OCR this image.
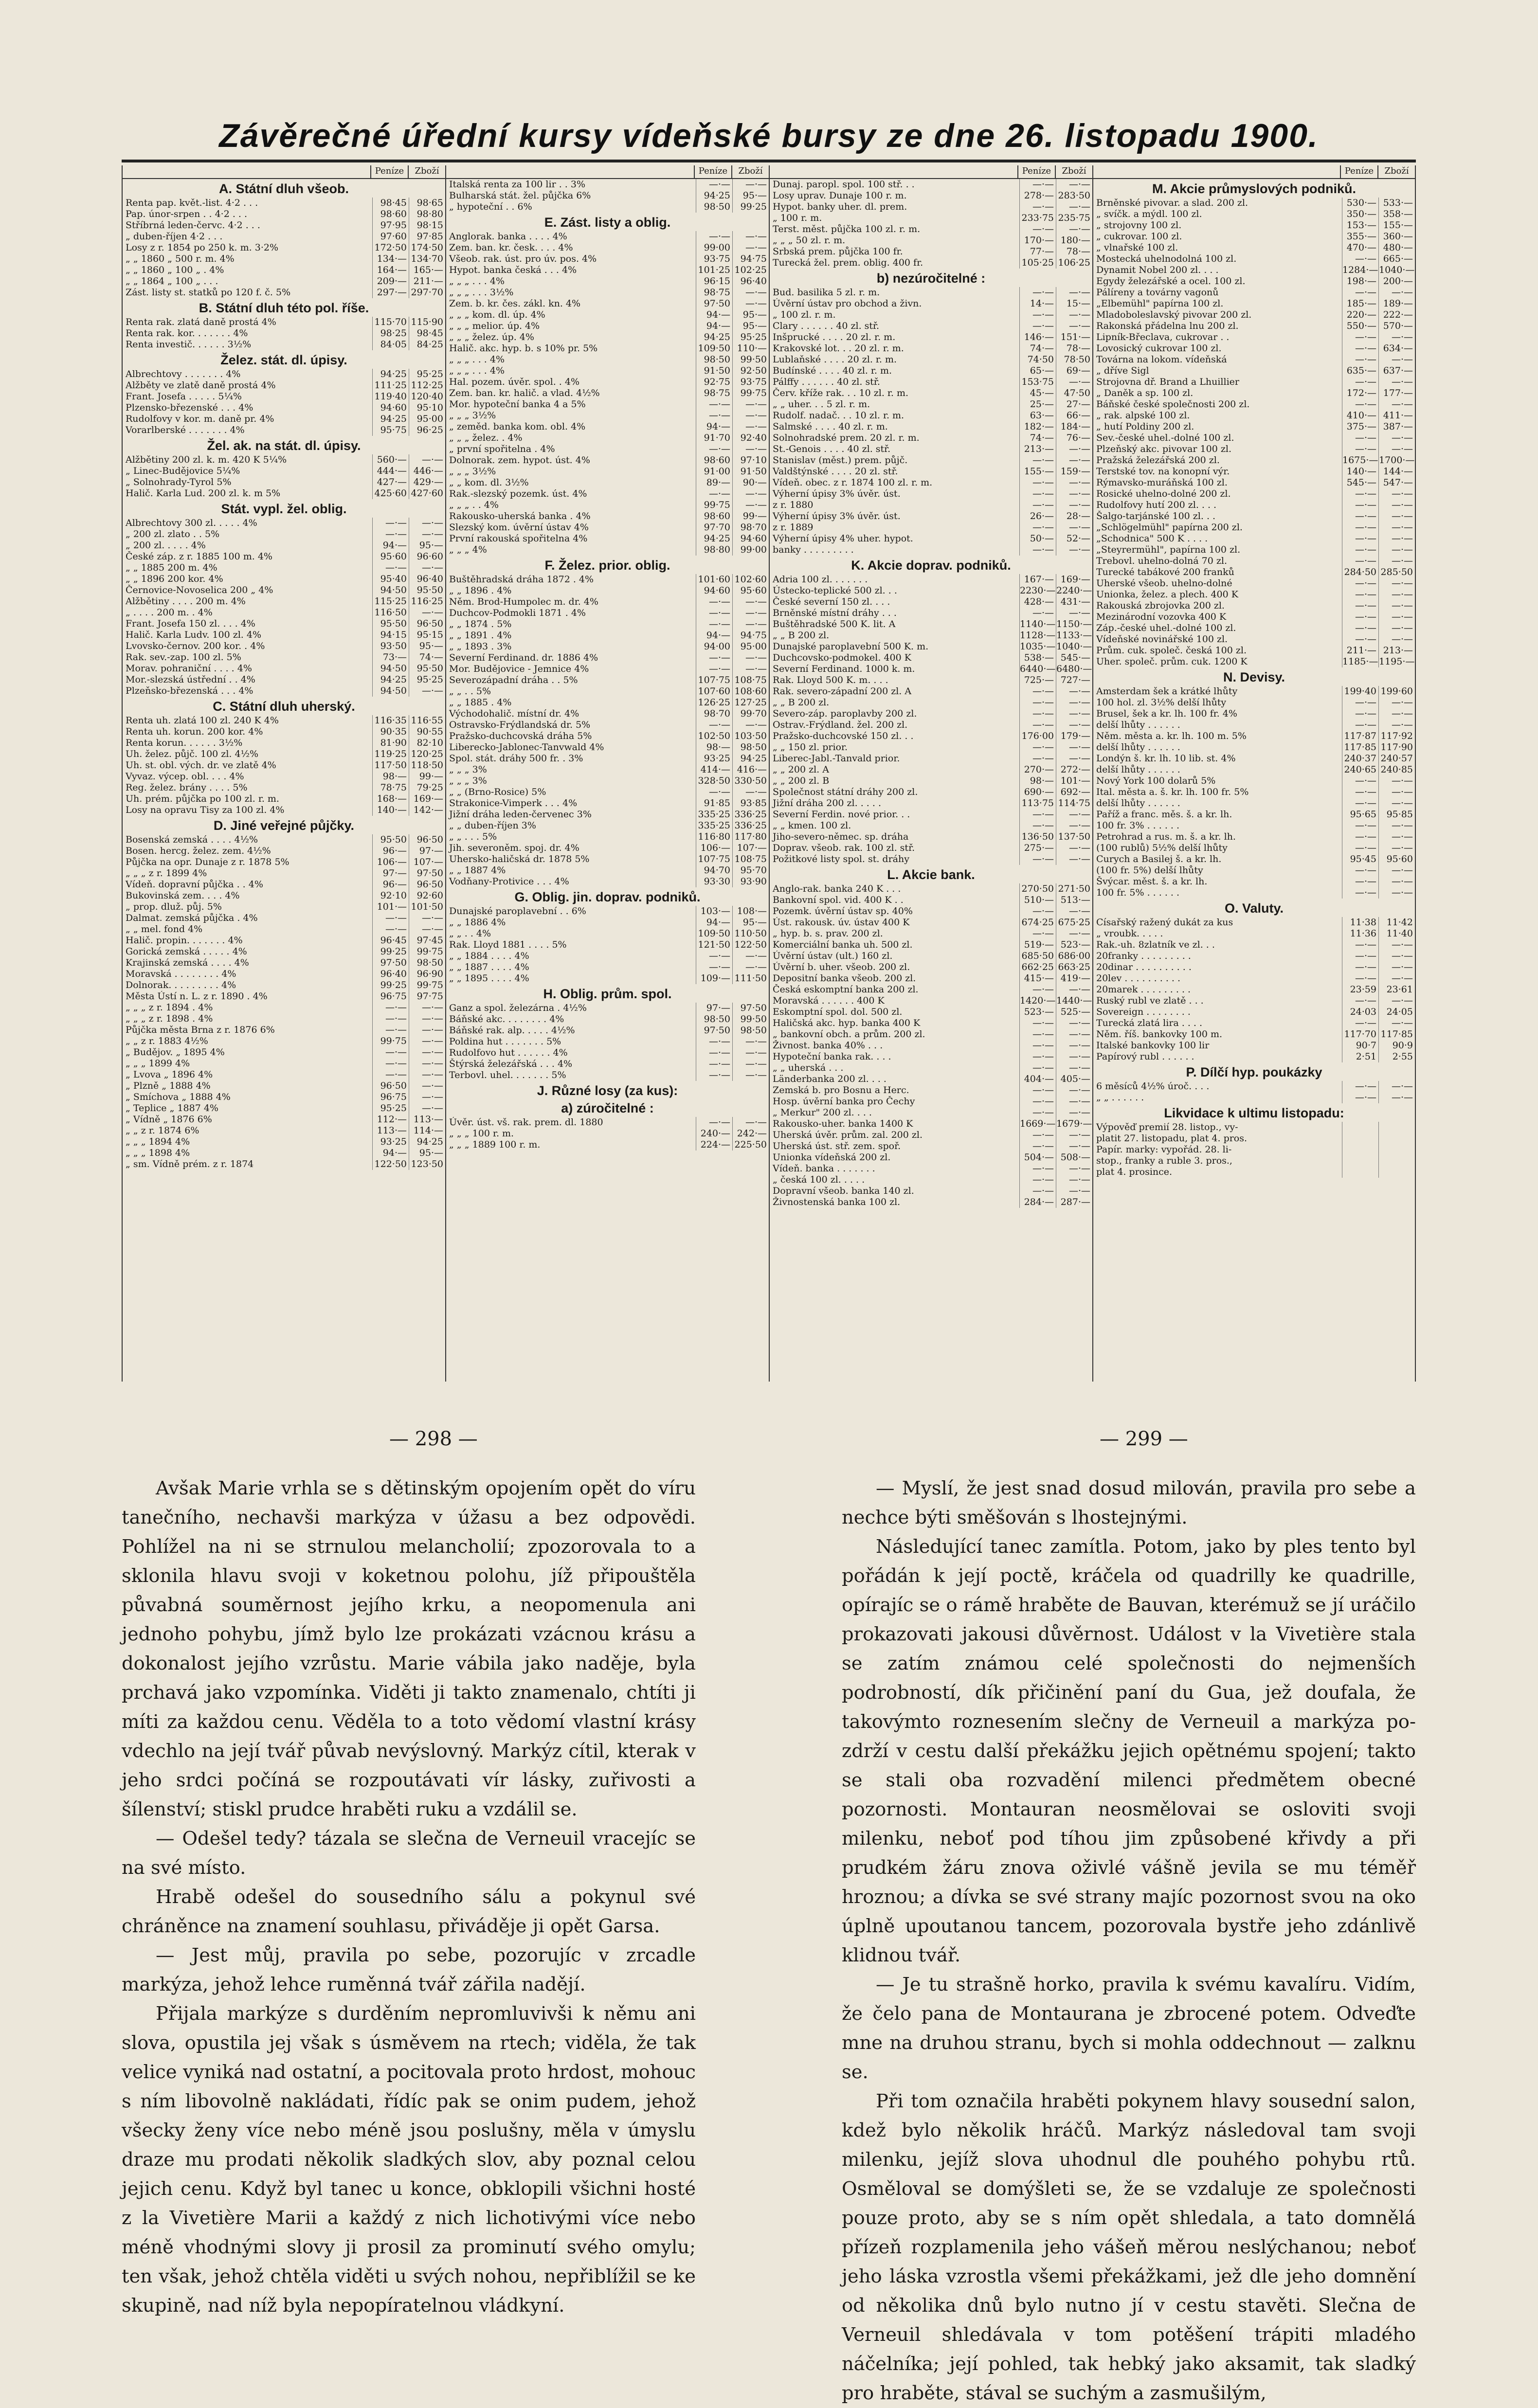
Závěrečné úřední kursy vídeňské bursy ze dne 26. listopadu 1900.
Peníze	Zboží
A. Státní dluh všeob.
Renta pap. květ.-list. 4·2 . . .	98·45	98·65
Pap. únor-srpen . . 4·2 . . .	98·60	98·80
Stříbrná leden-červc. 4·2 . . .	97·95	98·15
„ duben-říjen 4·2 . . .	97·60	97·85
Losy z r. 1854 po 250 k. m. 3·2%	172·50 174·50
„ „ 1860 „ 500 r. m. 4%	134·— 134·70
„ „ 1860 „ 100 „ . 4%	164·— 165·—
„ „ 1864 „ 100 „ . . .	209·— 211·—
Zást. listy st. statků po 120 f. č. 5%	297·— 297·70
B. Státní dluh této pol. říše.
Renta rak. zlatá daně prostá 4%	115·70 115·90
Renta rak. kor. . . . . . . 4%	98·25	98·45
Renta investič. . . . . . 3½%	84·05	84·25
Želez. stát. dl. úpisy.
Albrechtovy . . . . . . . 4%	94·25	95·25
Alžběty ve zlatě daně prostá 4%	111·25 112·25
Frant. Josefa . . . . . 5¼%	119·40 120·40
Plzensko-březenské . . . 4%	94·60	95·10
Rudolfovy v kor. m. daně pr. 4%	94·25	95·00
Vorarlberské . . . . . . . 4%	95·75	96·25
Žel. ak. na stát. dl. úpisy.
Alžbětiny 200 zl. k. m. 420 K 5¼%	560·—	—·—
„ Linec-Budějovice 5¼%	444·— 446·—
„ Solnohrady-Tyrol 5%	427·— 429·—
Halič. Karla Lud. 200 zl. k. m 5%	425·60 427·60
Stát. vypl. žel. oblig.
Albrechtovy 300 zl. . . . . 4%	—·—	—·—
„ 200 zl. zlato . . 5%	—·—	—·—
„ 200 zl. . . . . 4%	94·—	95·—
České záp. z r. 1885 100 m. 4%	95·60	96·60
„ „ 1885 200 m. 4%	—·—	—·—
„ „ 1896 200 kor. 4%	95·40	96·40
Černovice-Novoselica 200 „ 4%	94·50	95·50
Alžbětiny . . . . 200 m. 4%	115·25 116·25
„ . . . . 200 m. . 4%	116·50	—·—
Frant. Josefa 150 zl. . . . 4%	95·50	96·50
Halič. Karla Ludv. 100 zl. 4%	94·15	95·15
Lvovsko-černov. 200 kor. . 4%	93·50	95·—
Rak. sev.-zap. 100 zl. 5%	73·—	74·—
Morav. pohraniční . . . . 4%	94·50	95·50
Mor.-slezská ústřední . . 4%	94·25	95·25
Plzeňsko-březenská . . . 4%	94·50	—·—
C. Státní dluh uherský.
Renta uh. zlatá 100 zl. 240 K 4%	116·35 116·55
Renta uh. korun. 200 kor. 4%	90·35	90·55
Renta korun. . . . . . 3½%	81·90	82·10
Uh. želez. půjč. 100 zl. 4½%	119·25 120·25
Uh. st. obl. vých. dr. ve zlatě 4%	117·50 118·50
Vyvaz. výcep. obl. . . . 4%	98·—	99·—
Reg. želez. brány . . . . 5%	78·75	79·25
Uh. prém. půjčka po 100 zl. r. m.	168·— 169·—
Losy na opravu Tisy za 100 zl. 4%	140·— 142·—
D. Jiné veřejné půjčky.
Bosenská zemská . . . . 4½%	95·50	96·50
Bosen. hercg. želez. zem. 4½%	96·—	97·—
Půjčka na opr. Dunaje z r. 1878 5%	106·— 107·—
„ „ „ z r. 1899 4%	97·—	97·50
Vídeň. dopravní půjčka . . 4%	96·—	96·50
Bukovinská zem. . . . 4%	92·10	92·60
„ prop. dluž. půj. 5%	101·— 101·50
Dalmat. zemská půjčka . 4%	—·—	—·—
„ „ mel. fond 4%	—·—	—·—
Halič. propin. . . . . . . 4%	96·45	97·45
Gorická zemská . . . . . 4%	99·25	99·75
Krajinská zemská . . . . 4%	97·50	98·50
Moravská . . . . . . . . 4%	96·40	96·90
Dolnorak. . . . . . . . . 4%	99·25	99·75
Města Ústí n. L. z r. 1890 . 4%	96·75	97·75
„ „ „ z r. 1894 . 4%	—·—	—·—
„ „ „ z r. 1898 . 4%	—·—	—·—
Půjčka města Brna z r. 1876 6%	—·—	—·—
„ „ z r. 1883 4½%	99·75	—·—
„ Budějov. „ 1895 4%	—·—	—·—
„ „ „ 1899 4%	—·—	—·—
„ Lvova „ 1896 4%	—·—	—·—
„ Plzně „ 1888 4%	96·50	—·—
„ Smíchova „ 1888 4%	96·75	—·—
„ Teplice „ 1887 4%	95·25	—·—
„ Vídně „ 1876 6%	112·— 113·—
„ „ z r. 1874 6%	113·— 114·—
„ „ „ 1894 4%	93·25	94·25
„ „ „ 1898 4%	94·—	95·—
„ sm. Vídně prém. z r. 1874	122·50 123·50
Peníze	Zboží
Italská renta za 100 lir . . 3%	—·—	—·—
Bulharská stát. žel. půjčka 6%	94·25	95·—
„ hypoteční . . 6%	98·50	99·25
E. Zást. listy a oblig.
Anglorak. banka . . . . 4%	—·—	—·—
Zem. ban. kr. česk. . . . 4%	99·00	—·—
Všeob. rak. úst. pro úv. pos. 4%	93·75	94·75
Hypot. banka česká . . . 4%	101·25 102·25
„ „ „ . . . 4%	96·15	96·40
„ „ „ . . . 3½%	98·75	—·—
Zem. b. kr. čes. zákl. kn. 4%	97·50	—·—
„ „ „ kom. dl. úp. 4%	94·—	95·—
„ „ „ melior. úp. 4%	94·—	95·—
„ „ „ želez. úp. 4%	94·25	95·25
Halič. akc. hyp. b. s 10% pr. 5%	109·50 110·—
„ „ „ . . . 4%	98·50	99·50
„ „ „ . . . 4%	91·50	92·50
Hal. pozem. úvěr. spol. . 4%	92·75	93·75
Zem. ban. kr. halič. a vlad. 4½%	98·75	99·75
Mor. hypoteční banka 4 a 5%	—·—	—·—
„ „ „ 3½%	—·—	—·—
„ zeměd. banka kom. obl. 4%	94·—	—·—
„ „ „ želez. . 4%	91·70	92·40
„ první spořitelna . 4%	—·—	—·—
Dolnorak. zem. hypot. úst. 4%	98·60	97·10
„ „ „ 3½%	91·00	91·50
„ „ kom. dl. 3½%	89·—	90·—
Rak.-slezský pozemk. úst. 4%	—·—	—·—
„ „ „ . . 4%	99·75	—·—
Rakousko-uherská banka . 4%	98·60	99·—
Slezský kom. úvěrní ústav 4%	97·70	98·70
První rakouská spořitelna 4%	94·25	94·60
„ „ „ 4%	98·80	99·00
F. Želez. prior. oblig.
Buštěhradská dráha 1872 . 4%	101·60 102·60
„ „ 1896 . 4%	94·60	95·60
Něm. Brod-Humpolec m. dr. 4%	—·—	—·—
Duchcov-Podmokli 1871 . 4%	—·—	—·—
„ „ 1874 . 5%	—·—	—·—
„ „ 1891 . 4%	94·—	94·75
„ „ 1893 . 3%	94·00	95·00
Severní Ferdinand. dr. 1886 4%	—·—	—·—
Mor. Budějovice - Jemnice 4%	—·—	—·—
Severozápadní dráha . . 5%	107·75 108·75
„ „ . . 5%	107·60 108·60
„ „ 1885 . 4%	126·25 127·25
Východohalič. místní dr. 4%	98·70	99·70
Ostravsko-Frýdlandská dr. 5%	—·—	—·—
Pražsko-duchcovská dráha 5%	102·50 103·50
Liberecko-Jablonec-Tanvwald 4%	98·—	98·50
Spol. stát. dráhy 500 fr. . 3%	93·25	94·25
„ „ „ 3%	414·— 416·—
„ „ „ 3%	328·50 330·50
„ „ (Brno-Rosice) 5%	—·—	—·—
Strakonice-Vimperk . . . 4%	91·85	93·85
Jižní dráha leden-červenec 3%	335·25 336·25
„ „ duben-říjen 3%	335·25 336·25
„ „ . . . 5%	116·80 117·80
Jih. severoněm. spoj. dr. 4%	106·— 107·—
Uhersko-haličská dr. 1878 5%	107·75 108·75
„ „ 1887 4%	94·70	95·70
Vodňany-Protivice . . . 4%	93·30	93·90
G. Oblig. jin. doprav. podniků.
Dunajské paroplavební . . 6%	103·— 108·—
„ „ 1886 4%	94·—	95·—
„ „ . . 4%	109·50 110·50
Rak. Lloyd 1881 . . . . 5%	121·50 122·50
„ „ 1884 . . . . 4%	—·—	—·—
„ „ 1887 . . . . 4%	—·—	—·—
„ „ 1895 . . . . 4%	109·— 111·50
H. Oblig. prům. spol.
Ganz a spol. železárna . 4½%	97·—	97·50
Báňské akc. . . . . . . . 4%	98·50	99·50
Báňské rak. alp. . . . . 4½%	97·50	98·50
Poldina hut . . . . . . . 5%	—·—	—·—
Rudolfovo hut . . . . . . 4%	—·—	—·—
Štýrská železářská . . . 4%	—·—	—·—
Terbovl. uhel. . . . . . . 5%	—·—	—·—
J. Různé losy (za kus):
a) zúročitelné :
Úvěr. úst. vš. rak. prem. dl. 1880	—·—	—·—
„ „ „ 100 r. m.	240·— 242·—
„ „ „ 1889 100 r. m.	224·— 225·50
Peníze	Zboží
Dunaj. paropl. spol. 100 stř. . .	—·—	—·—
Losy uprav. Dunaje 100 r. m.	278·— 283·50
Hypot. banky uher. dl. prem.	—·—	—·—
„ 100 r. m.	233·75 235·75
Terst. měst. půjčka 100 zl. r. m.	—·—	—·—
„ „ „ 50 zl. r. m.	170·— 180·—
Srbská prem. půjčka 100 fr.	77·—	78·—
Turecká žel. prem. oblig. 400 fr.	105·25 106·25
b) nezúročitelné :
Bud. basilika 5 zl. r. m.	—·—	—·—
Úvěrní ústav pro obchod a živn.	14·—	15·—
„ 100 zl. r. m.	—·—	—·—
Clary . . . . . . 40 zl. stř.	—·—	—·—
Inšprucké . . . . 20 zl. r. m.	146·— 151·—
Krakovské lot. . . 20 zl. r. m.	74·—	78·—
Lublaňské . . . . 20 zl. r. m.	74·50	78·50
Budínské . . . . 40 zl. r. m.	65·—	69·—
Pálffy . . . . . . 40 zl. stř.	153·75	—·—
Červ. kříže rak. . . 10 zl. r. m.	45·—	47·50
„ „ uher. . . 5 zl. r. m.	25·—	27·—
Rudolf. nadač. . . 10 zl. r. m.	63·—	66·—
Salmské . . . . 40 zl. r. m.	182·— 184·—
Solnohradské prem. 20 zl. r. m.	74·—	76·—
St.-Genois . . . . 40 zl. stř.	213·—	—·—
Stanislav (měst.) prem. půjč.	—·—	—·—
Valdštýnské . . . . 20 zl. stř.	155·— 159·—
Vídeň. obec. z r. 1874 100 zl. r. m.	—·—	—·—
Výherní úpisy 3% úvěr. úst.	—·—	—·—
z r. 1880	—·—	—·—
Výherní úpisy 3% úvěr. úst.	26·—	28·—
z r. 1889	—·—	—·—
Výherní úpisy 4% uher. hypot.	50·—	52·—
banky . . . . . . . . .	—·—	—·—
K. Akcie doprav. podniků.
Adria 100 zl. . . . . . .	167·— 169·—
Ústecko-teplické 500 zl. . .	2230·— 2240·—
České severní 150 zl. . . .	428·— 431·—
Brněnské místní dráhy . . .	—·—	—·—
Buštěhradské 500 K. lit. A	1140·— 1150·—
„ „ B 200 zl.	1128·— 1133·—
Dunajské paroplavební 500 K. m.	1035·— 1040·—
Duchcovsko-podmokel. 400 K	538·— 545·—
Severní Ferdinand. 1000 k. m.	6440·— 6480·—
Rak. Lloyd 500 K. m. . . .	725·— 727·—
Rak. severo-západní 200 zl. A	—·—	—·—
„ „ B 200 zl.	—·—	—·—
Severo-záp. paroplavby 200 zl.	—·—	—·—
Ostrav.-Frýdland. žel. 200 zl.	—·—	—·—
Pražsko-duchcovské 150 zl. . .	176·00 179·—
„ „ 150 zl. prior.	—·—	—·—
Liberec-Jabl.-Tanvald prior.	—·—	—·—
„ „ 200 zl. A	270·— 272·—
„ „ 200 zl. B	98·— 101·—
Společnost státní dráhy 200 zl.	690·— 692·—
Jižní dráha 200 zl. . . . .	113·75 114·75
Severní Ferdin. nové prior. . .	—·—	—·—
„ „ kmen. 100 zl.	—·—	—·—
Jiho-severo-němec. sp. dráha	136·50 137·50
Doprav. všeob. rak. 100 zl. stř.	275·—	—·—
Požitkové listy spol. st. dráhy	—·—	—·—
L. Akcie bank.
Anglo-rak. banka 240 K . . .	270·50 271·50
Bankovní spol. vid. 400 K . .	510·— 513·—
Pozemk. úvěrní ústav sp. 40%	—·—	—·—
Úst. rakousk. úv. ústav 400 K	674·25 675·25
„ hyp. b. s. prav. 200 zl.	—·—	—·—
Komerciální banka uh. 500 zl.	519·— 523·—
Úvěrní ústav (ult.) 160 zl.	685·50 686·00
Úvěrní b. uher. všeob. 200 zl.	662·25 663·25
Depositní banka všeob. 200 zl.	415·— 419·—
Česká eskomptní banka 200 zl.	—·—	—·—
Moravská . . . . . . 400 K	1420·— 1440·—
Eskomptní spol. dol. 500 zl.	523·— 525·—
Haličská akc. hyp. banka 400 K	—·—	—·—
„ bankovní obch. a prům. 200 zl.	—·—	—·—
Živnost. banka 40% . . .	—·—	—·—
Hypoteční banka rak. . . .	—·—	—·—
„ „ uherská . . .	—·—	—·—
Länderbanka 200 zl. . . .	404·— 405·—
Zemská b. pro Bosnu a Herc.	—·—	—·—
Hosp. úvěrní banka pro Čechy	—·—	—·—
„ Merkur" 200 zl. . . .	—·—	—·—
Rakousko-uher. banka 1400 K	1669·— 1679·—
Uherská úvěr. prům. zal. 200 zl.	—·—	—·—
Uherská úst. stř. zem. spoř.	—·—	—·—
Unionka vídeňská 200 zl.	504·— 508·—
Vídeň. banka . . . . . . .	—·—	—·—
„ česká 100 zl. . . . .	—·—	—·—
Dopravní všeob. banka 140 zl.	—·—	—·—
Živnostenská banka 100 zl.	284·— 287·—
Peníze	Zboží
M. Akcie průmyslových podniků.
Brněnské pivovar. a slad. 200 zl.	530·— 533·—
„ svíčk. a mýdl. 100 zl.	350·— 358·—
„ strojovny 100 zl.	153·— 155·—
„ cukrovar. 100 zl.	355·— 360·—
„ vlnařské 100 zl.	470·— 480·—
Mostecká uhelnodolná 100 zl.	—·— 665·—
Dynamit Nobel 200 zl. . . .	1284·— 1040·—
Egydy železářské a ocel. 100 zl.	198·— 200·—
Pálíreny a továrny vagonů	—·—	—·—
„Elbemühl" papírna 100 zl.	185·— 189·—
Mladoboleslavský pivovar 200 zl.	220·— 222·—
Rakonská přádelna lnu 200 zl.	550·— 570·—
Lipník-Břeclava, cukrovar . .	—·—	—·—
Lovosický cukrovar 100 zl.	—·— 634·—
Továrna na lokom. vídeňská	—·—	—·—
„ dříve Sigl	635·— 637·—
Strojovna dř. Brand a Lhuillier	—·—	—·—
„ Daněk a sp. 100 zl.	172·— 177·—
Báňské české společnosti 200 zl.	—·—	—·—
„ rak. alpské 100 zl.	410·— 411·—
„ hutí Poldiny 200 zl.	375·— 387·—
Sev.-české uhel.-dolné 100 zl.	—·—	—·—
Plzeňský akc. pivovar 100 zl.	—·—	—·—
Pražská železářská 200 zl.	1675·— 1700·—
Terstské tov. na konopní výr.	140·— 144·—
Rýmavsko-muráňská 100 zl.	545·— 547·—
Rosické uhelno-dolné 200 zl.	—·—	—·—
Rudolfovy hutí 200 zl. . . .	—·—	—·—
Šalgo-tarjánské 100 zl. . .	—·—	—·—
„Schlögelmühl" papírna 200 zl.	—·—	—·—
„Schodnica" 500 K . . . .	—·—	—·—
„Steyrermühl", papírna 100 zl.	—·—	—·—
Trebovl. uhelno-dolná 70 zl.	—·—	—·—
Turecké tabákové 200 franků	284·50 285·50
Uherské všeob. uhelno-dolné	—·—	—·—
Unionka, želez. a plech. 400 K	—·—	—·—
Rakouská zbrojovka 200 zl.	—·—	—·—
Mezinárodní vozovka 400 K	—·—	—·—
Záp.-české uhel.-dolné 100 zl.	—·—	—·—
Vídeňské novinářské 100 zl.	—·—	—·—
Prům. cuk. společ. česká 100 zl.	211·— 213·—
Uher. společ. prům. cuk. 1200 K	1185·— 1195·—
N. Devisy.
Amsterdam šek a krátké lhůty	199·40 199·60
100 hol. zl. 3½% delší lhůty	—·—	—·—
Brusel, šek a kr. lh. 100 fr. 4%	—·—	—·—
delší lhůty . . . . . .	—·—	—·—
Něm. města a. kr. lh. 100 m. 5%	117·87 117·92
delší lhůty . . . . . .	117·85 117·90
Londýn š. kr. lh. 10 lib. st. 4%	240·37 240·57
delší lhůty . . . . . .	240·65 240·85
Nový York 100 dolarů 5%	—·—	—·—
Ital. města a. š. kr. lh. 100 fr. 5%	—·—	—·—
delší lhůty . . . . . .	—·—	—·—
Paříž a franc. měs. š. a kr. lh.	95·65	95·85
100 fr. 3% . . . . . .	—·—	—·—
Petrohrad a rus. m. š. a kr. lh.	—·—	—·—
(100 rublů) 5½% delší lhůty	—·—	—·—
Curych a Basilej š. a kr. lh.	95·45	95·60
(100 fr. 5%) delší lhůty	—·—	—·—
Švýcar. měst. š. a kr. lh.	—·—	—·—
100 fr. 5% . . . . . .	—·—	—·—
O. Valuty.
Císařský ražený dukát za kus	11·38	11·42
„ vroubk. . . . .	11·36	11·40
Rak.-uh. 8zlatník ve zl. . .	—·—	—·—
20franky . . . . . . . . .	—·—	—·—
20dinar . . . . . . . . . .	—·—	—·—
20lev . . . . . . . . . .	—·—	—·—
20marek . . . . . . . . .	23·59	23·61
Ruský rubl ve zlatě . . .	—·—	—·—
Sovereign . . . . . . . .	24·03	24·05
Turecká zlatá lira . . . .	—·—	—·—
Něm. říš. bankovky 100 m.	117·70 117·85
Italské bankovky 100 lir	90·7	90·9
Papírový rubl . . . . . .	2·51	2·55
P. Dílčí hyp. poukázky
6 měsíců 4½% úroč. . . .	—·—	—·—
„ „ . . . . . .	—·—	—·—
Likvidace k ultimu listopadu:
Výpověď premií 28. listop., vy-
platit 27. listopadu, plat 4. pros.
Papír. marky: vypořád. 28. li-
stop., franky a ruble 3. pros.,
plat 4. prosince.
— 298 —	— 299 —

Avšak Marie vrhla se s dětinským opojením opět do víru tanečního, nechavši markýza v úžasu a bez odpovědi. Pohlížel na ni se strnulou melancholií; zpozorovala to a sklonila hlavu svoji v koketnou polohu, jíž připouštěla půvabná souměrnost jejího krku, a neopomenula ani jednoho pohybu, jímž bylo lze prokázati vzácnou krásu a dokonalost jejího vzrůstu. Marie vábila jako naděje, byla prchavá jako vzpomínka. Viděti ji takto znamenalo, chtíti ji míti za každou cenu. Věděla to a toto vědomí vlastní krásy vdechlo na její tvář půvab nevýslovný. Markýz cítil, kterak v jeho srdci počíná se rozpoutávati vír lásky, zuřivosti a šílenství; stiskl prudce hraběti ruku a vzdálil se.

— Odešel tedy? tázala se slečna de Verneuil vracejíc se na své místo.

Hrabě odešel do sousedního sálu a pokynul své chráněnce na znamení souhlasu, přiváděje ji opět Garsa.

— Jest můj, pravila po sebe, pozorujíc v zrcadle markýza, jehož lehce ruměnná tvář zářila nadějí.

Přijala markýze s durděním nepromluvivši k němu ani slova, opustila jej však s úsměvem na rtech; viděla, že tak velice vyniká nad ostatní, a pocitovala proto hrdost, mohouc s ním libovolně nakládati, řídíc pak se onim pudem, jehož všecky ženy více nebo méně jsou poslušny, měla v úmyslu draze mu prodati několik sladkých slov, aby poznal celou jejich cenu. Když byl tanec u konce, obklopili všichni hosté z la Vivetière Marii a každý z nich lichotivými více nebo méně vhodnými slovy ji prosil za prominutí svého omylu; ten však, jehož chtěla viděti u svých nohou, nepřiblížil se ke skupině, nad níž byla nepopíratelnou vládkyní.

— Myslí, že jest snad dosud milován, pravila pro sebe a nechce býti směšován s lhostejnými.

Následující tanec zamítla. Potom, jako by ples tento byl pořádán k její poctě, kráčela od quadrilly ke quadrille, opírajíc se o rámě hraběte de Bauvan, kterémuž se jí uráčilo prokazovati jakousi důvěrnost. Událost v la Vivetière stala se zatím známou celé společnosti do nejmenších podrobností, dík přičinění paní du Gua, jež doufala, že takovýmto roznesením slečny de Verneuil a markýza po-zdrží v cestu další překážku jejich opětnému spojení; takto se stali oba rozvadění milenci předmětem obecné pozornosti. Montauran neosmělovai se osloviti svoji milenku, neboť pod tíhou jim způsobené křivdy a při prudkém žáru znova oživlé vášně jevila se mu téměř hroznou; a dívka se své strany majíc pozornost svou na oko úplně upoutanou tancem, pozorovala bystře jeho zdánlivě klidnou tvář.

— Je tu strašně horko, pravila k svému kavalíru. Vidím, že čelo pana de Montaurana je zbrocené potem. Odveďte mne na druhou stranu, bych si mohla oddechnout — zalknu se.

Při tom označila hraběti pokynem hlavy sousední salon, kdež bylo několik hráčů. Markýz následoval tam svoji milenku, jejíž slova uhodnul dle pouhého pohybu rtů. Osměloval se domýšleti se, že se vzdaluje ze společnosti pouze proto, aby se s ním opět shledala, a tato domnělá přízeň rozplamenila jeho vášeň měrou neslýchanou; neboť jeho láska vzrostla všemi překážkami, jež dle jeho domnění od několika dnů bylo nutno jí v cestu stavěti. Slečna de Verneuil shledávala v tom potěšení trápiti mladého náčelníka; její pohled, tak hebký jako aksamit, tak sladký pro hraběte, stával se suchým a zasmušilým,
